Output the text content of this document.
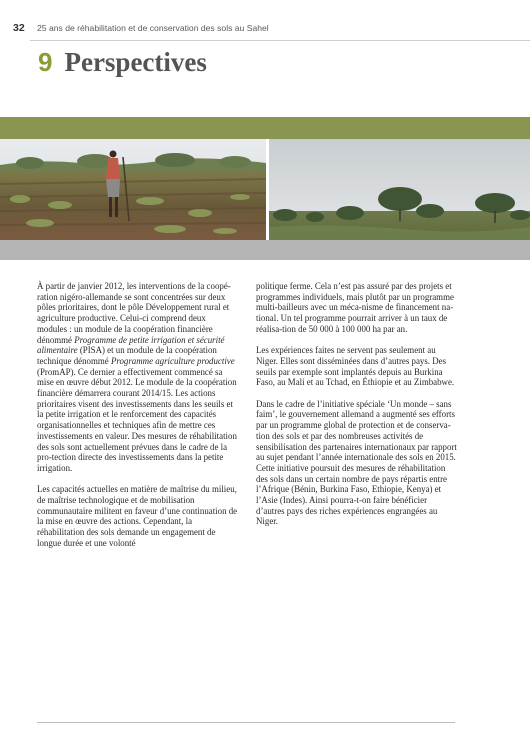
32 25 ans de réhabilitation et de conservation des sols au Sahel
9 Perspectives

À partir de janvier 2012, les interventions de la coopération nigéro-allemande se sont concentrées sur deux pôles prioritaires, dont le pôle Développement rural et agriculture productive. Celui-ci comprend deux modules : un module de la coopération financière dénommé Programme de petite irrigation et sécurité alimentaire (PISA) et un module de la coopération technique dénommé Programme agriculture productive (PromAP). Ce dernier a effectivement commencé sa mise en œuvre début 2012. Le module de la coopération financière démarrera courant 2014/15. Les actions prioritaires visent des investissements dans les seuils et la petite irrigation et le renforcement des capacités organisationnelles et techniques afin de mettre ces investissements en valeur. Des mesures de réhabilitation des sols sont actuellement prévues dans le cadre de la pro-tection directe des investissements dans la petite irrigation.

Les capacités actuelles en matière de maîtrise du milieu, de maîtrise technologique et de mobilisation communautaire militent en faveur d’une continuation de la mise en œuvre des actions. Cependant, la réhabilitation des sols demande un engagement de longue durée et une volonté

politique ferme. Cela n’est pas assuré par des projets et programmes individuels, mais plutôt par un programme multi-bailleurs avec un méca-nisme de financement national. Un tel programme pourrait arriver à un taux de réalisa-tion de 50 000 à 100 000 ha par an.

Les expériences faites ne servent pas seulement au Niger. Elles sont disséminées dans d’autres pays. Des seuils par exemple sont implantés depuis au Burkina Faso, au Mali et au Tchad, en Éthiopie et au Zimbabwe.

Dans le cadre de l’initiative spéciale ‘Un monde – sans faim’, le gouvernement allemand a augmenté ses efforts par un programme global de protection et de conservation des sols et par des nombreuses activités de sensibilisation des partenaires internationaux par rapport au sujet pendant l’année internationale des sols en 2015. Cette initiative poursuit des mesures de réhabilitation des sols dans un certain nombre de pays répartis entre l’Afrique (Bénin, Burkina Faso, Ethiopie, Kenya) et l’Asie (Indes). Ainsi pourra-t-on faire bénéficier d’autres pays des riches expériences engrangées au Niger.
